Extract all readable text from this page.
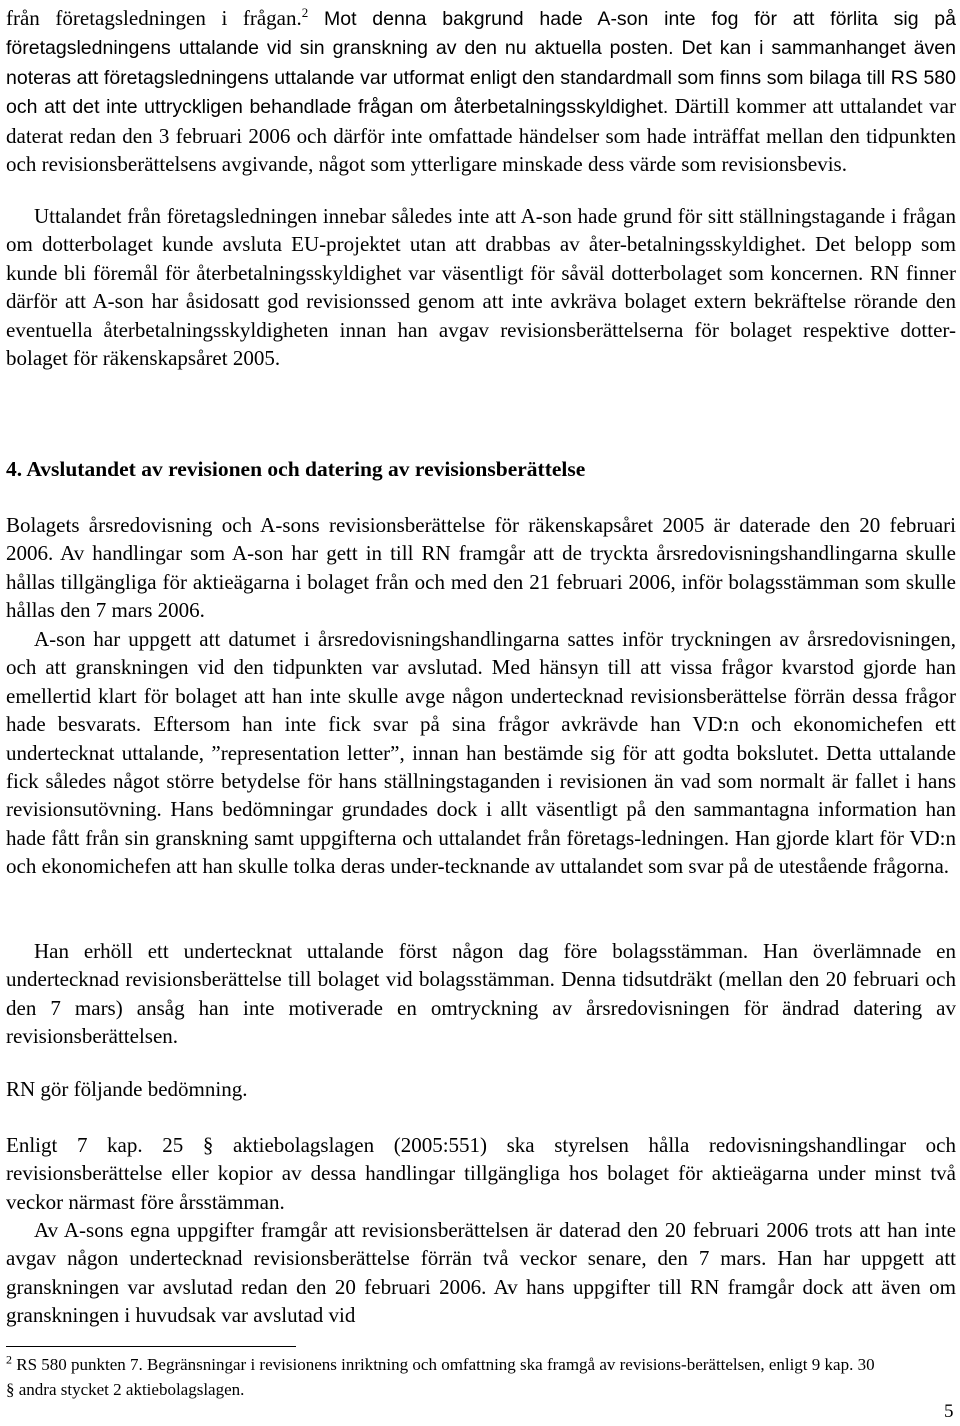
från företagsledningen i frågan.$^2$ Mot denna bakgrund hade A-son inte fog för att förlita sig på företagsledningens uttalande vid sin granskning av den nu aktuella posten. Det kan i sammanhanget även noteras att företagsledningens uttalande var utformat enligt den standardmall som finns som bilaga till RS 580 och att det inte uttryckligen behandlade frågan om återbetalningsskyldighet. Därtill kommer att uttalandet var daterat redan den 3 februari 2006 och därför inte omfattade händelser som hade inträffat mellan den tidpunkten och revisionsberättelsens avgivande, något som ytterligare minskade dess värde som revisionsbevis.

Uttalandet från företagsledningen innebar således inte att A-son hade grund för sitt ställningstagande i frågan om dotterbolaget kunde avsluta EU-projektet utan att drabbas av åter-betalningsskyldighet. Det belopp som kunde bli föremål för återbetalningsskyldighet var väsentligt för såväl dotterbolaget som koncernen. RN finner därför att A-son har åsidosatt god revisionssed genom att inte avkräva bolaget extern bekräftelse rörande den eventuella återbetalningsskyldigheten innan han avgav revisionsberättelserna för bolaget respektive dotter-bolaget för räkenskapsåret 2005.

4. Avslutandet av revisionen och datering av revisionsberättelse

Bolagets årsredovisning och A-sons revisionsberättelse för räkenskapsåret 2005 är daterade den 20 februari 2006. Av handlingar som A-son har gett in till RN framgår att de tryckta årsredovisningshandlingarna skulle hållas tillgängliga för aktieägarna i bolaget från och med den 21 februari 2006, inför bolagsstämman som skulle hållas den 7 mars 2006.

A-son har uppgett att datumet i årsredovisningshandlingarna sattes inför tryckningen av årsredovisningen, och att granskningen vid den tidpunkten var avslutad. Med hänsyn till att vissa frågor kvarstod gjorde han emellertid klart för bolaget att han inte skulle avge någon undertecknad revisionsberättelse förrän dessa frågor hade besvarats. Eftersom han inte fick svar på sina frågor avkrävde han VD:n och ekonomichefen ett undertecknat uttalande, ”representation letter”, innan han bestämde sig för att godta bokslutet. Detta uttalande fick således något större betydelse för hans ställningstaganden i revisionen än vad som normalt är fallet i hans revisionsutövning. Hans bedömningar grundades dock i allt väsentligt på den sammantagna information han hade fått från sin granskning samt uppgifterna och uttalandet från företags-ledningen. Han gjorde klart för VD:n och ekonomichefen att han skulle tolka deras under-tecknande av uttalandet som svar på de utestående frågorna.

Han erhöll ett undertecknat uttalande först någon dag före bolagsstämman. Han överlämnade en undertecknad revisionsberättelse till bolaget vid bolagsstämman. Denna tidsutdräkt (mellan den 20 februari och den 7 mars) ansåg han inte motiverade en omtryckning av årsredovisningen för ändrad datering av revisionsberättelsen.

RN gör följande bedömning.

Enligt 7 kap. 25 § aktiebolagslagen (2005:551) ska styrelsen hålla redovisningshandlingar och revisionsberättelse eller kopior av dessa handlingar tillgängliga hos bolaget för aktieägarna under minst två veckor närmast före årsstämman.

Av A-sons egna uppgifter framgår att revisionsberättelsen är daterad den 20 februari 2006 trots att han inte avgav någon undertecknad revisionsberättelse förrän två veckor senare, den 7 mars. Han har uppgett att granskningen var avslutad redan den 20 februari 2006. Av hans uppgifter till RN framgår dock att även om granskningen i huvudsak var avslutad vid

$^2$ RS 580 punkten 7. Begränsningar i revisionens inriktning och omfattning ska framgå av revisions-berättelsen, enligt 9 kap. 30 § andra stycket 2 aktiebolagslagen.

5
